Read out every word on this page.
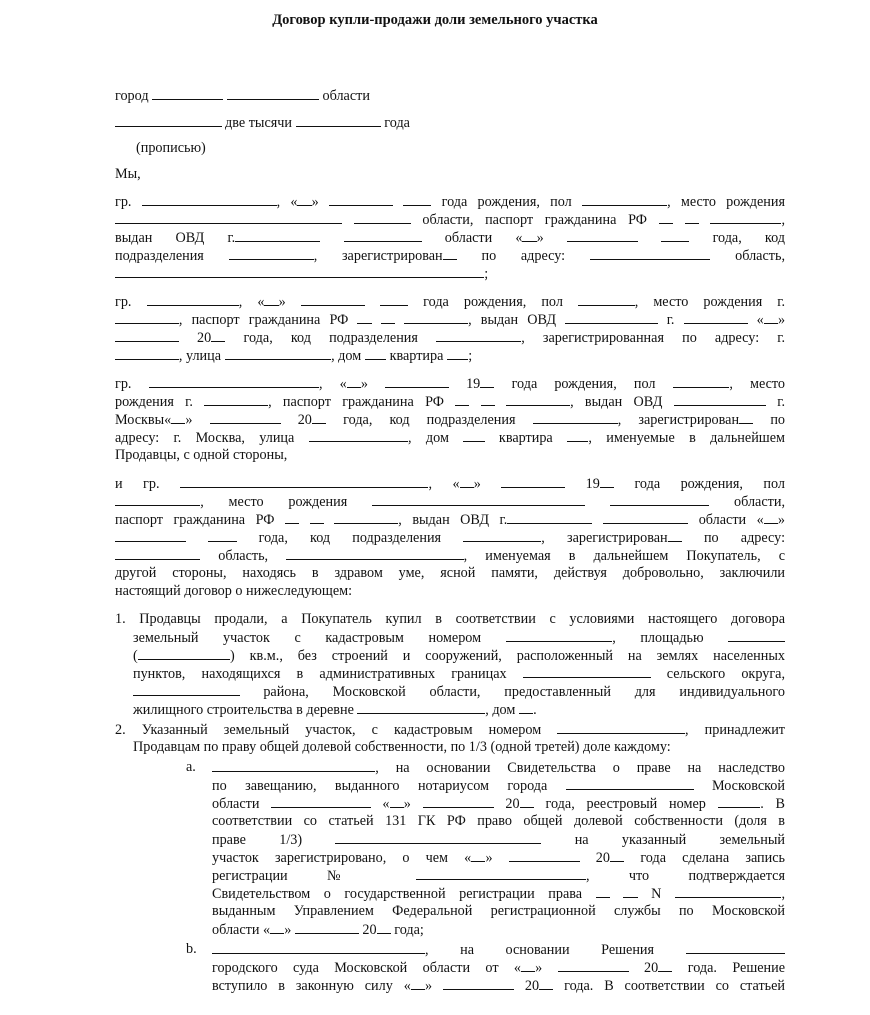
Договор купли-продажи доли земельного участка
город	области
две тысячи	года
(прописью)
Мы,
гр.	, « »	года рождения, пол	, место рождения
области, паспорт гражданина РФ	,
выдан ОВД г.	области « »	года, код
подразделения	, зарегистрирован по адресу:	область,
;
гр.	, « »	года рождения, пол	, место рождения г.
, паспорт гражданина РФ	, выдан ОВД	г.	« »
20 года, код подразделения	, зарегистрированная по адресу: г.
, улица	, дом  квартира ;
гр.	, « »	19 года рождения, пол	, место
рождения г.	, паспорт гражданина РФ	, выдан ОВД	г.
Москвы« »	20 года, код подразделения	, зарегистрирован по
адресу: г. Москва, улица	, дом  квартира , именуемые в дальнейшем
Продавцы, с одной стороны,
и гр.	, « »	19 года рождения, пол
, место рождения	области,
паспорт гражданина РФ	, выдан ОВД г.	области « »
года, код подразделения	, зарегистрирован по адресу:
область,	, именуемая в дальнейшем Покупатель, с
другой стороны, находясь в здравом уме, ясной памяти, действуя добровольно, заключили
настоящий договор о нижеследующем:
1. Продавцы продали, а Покупатель купил в соответствии с условиями настоящего договора
земельный участок с кадастровым номером	, площадью
(	) кв.м., без строений и сооружений, расположенный на землях населенных
пунктов, находящихся в административных границах	сельского округа,
района, Московской области, предоставленный для индивидуального
жилищного строительства в деревне	, дом .
2. Указанный земельный участок, с кадастровым номером	, принадлежит
Продавцам по праву общей долевой собственности, по 1/3 (одной третей) доле каждому:
a.	, на основании Свидетельства о праве на наследство
по завещанию, выданного нотариусом города	Московской
области	« »	20 года, реестровый номер	. В
соответствии со статьей 131 ГК РФ право общей долевой собственности (доля в
праве 1/3)	на указанный земельный
участок зарегистрировано, о чем « »	20 года сделана запись
регистрации №	, что подтверждается
Свидетельством о государственной регистрации права	N	,
выданным Управлением Федеральной регистрационной службы по Московской
области « »	20 года;
b.	, на основании Решения
городского суда Московской области от « »	20 года. Решение
вступило в законную силу « »	20 года. В соответствии со статьей
